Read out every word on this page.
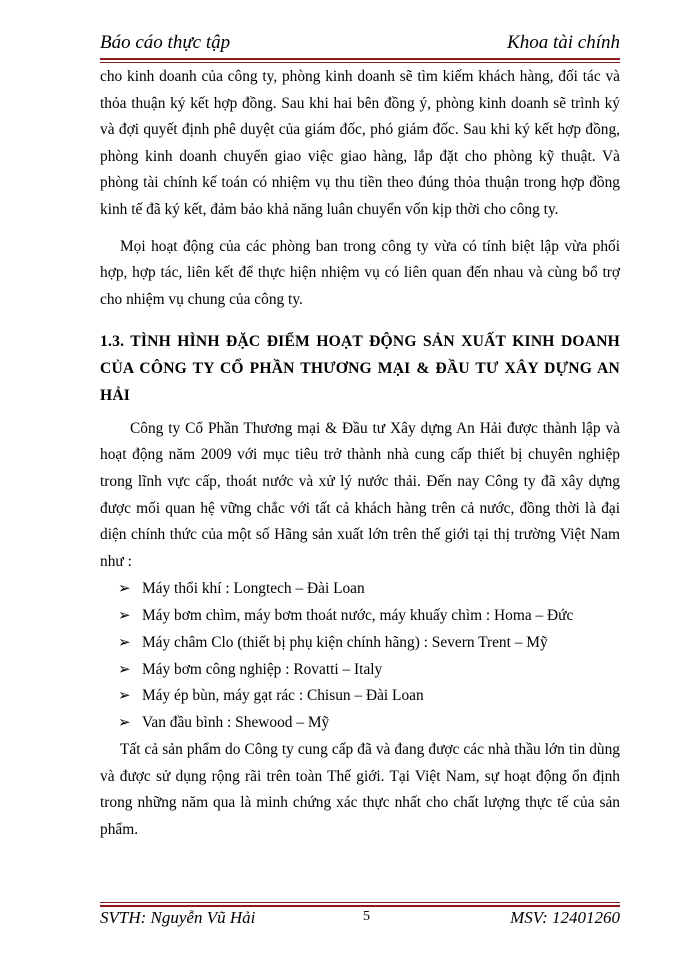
Báo cáo thực tập	Khoa tài chính

cho kinh doanh của công ty, phòng kinh doanh sẽ tìm kiếm khách hàng, đối tác và thỏa thuận ký kết hợp đồng. Sau khi hai bên đồng ý, phòng kinh doanh sẽ trình ký và đợi quyết định phê duyệt của giám đốc, phó giám đốc. Sau khi ký kết hợp đồng, phòng kinh doanh chuyển giao việc giao hàng, lắp đặt cho phòng kỹ thuật. Và phòng tài chính kế toán có nhiệm vụ thu tiền theo đúng thỏa thuận trong hợp đồng kinh tế đã ký kết, đảm bảo khả năng luân chuyển vốn kịp thời cho công ty.

Mọi hoạt động của các phòng ban trong công ty vừa có tính biệt lập vừa phối hợp, hợp tác, liên kết để thực hiện nhiệm vụ có liên quan đến nhau và cùng bổ trợ cho nhiệm vụ chung của công ty.

1.3. TÌNH HÌNH ĐẶC ĐIỂM HOẠT ĐỘNG SẢN XUẤT KINH DOANH CỦA CÔNG TY CỔ PHẦN THƯƠNG MẠI & ĐẦU TƯ XÂY DỰNG AN HẢI

Công ty Cổ Phần Thương mại & Đầu tư Xây dựng An Hải được thành lập và hoạt động năm 2009 với mục tiêu trở thành nhà cung cấp thiết bị chuyên nghiệp trong lĩnh vực cấp, thoát nước và xử lý nước thải. Đến nay Công ty đã xây dựng được mối quan hệ vững chắc với tất cả khách hàng trên cả nước, đồng thời là đại diện chính thức của một số Hãng sản xuất lớn trên thế giới tại thị trường Việt Nam như :

➢ Máy thổi khí : Longtech – Đài Loan
➢ Máy bơm chìm, máy bơm thoát nước, máy khuấy chìm : Homa – Đức
➢ Máy châm Clo (thiết bị phụ kiện chính hãng) : Severn Trent – Mỹ
➢ Máy bơm công nghiệp : Rovatti – Italy
➢ Máy ép bùn, máy gạt rác : Chisun – Đài Loan
➢ Van đầu bình : Shewood – Mỹ

Tất cả sản phẩm do Công ty cung cấp đã và đang được các nhà thầu lớn tin dùng và được sử dụng rộng rãi trên toàn Thế giới. Tại Việt Nam, sự hoạt động ổn định trong những năm qua là minh chứng xác thực nhất cho chất lượng thực tế của sản phẩm.

SVTH: Nguyễn Vũ Hải	5	MSV: 12401260
